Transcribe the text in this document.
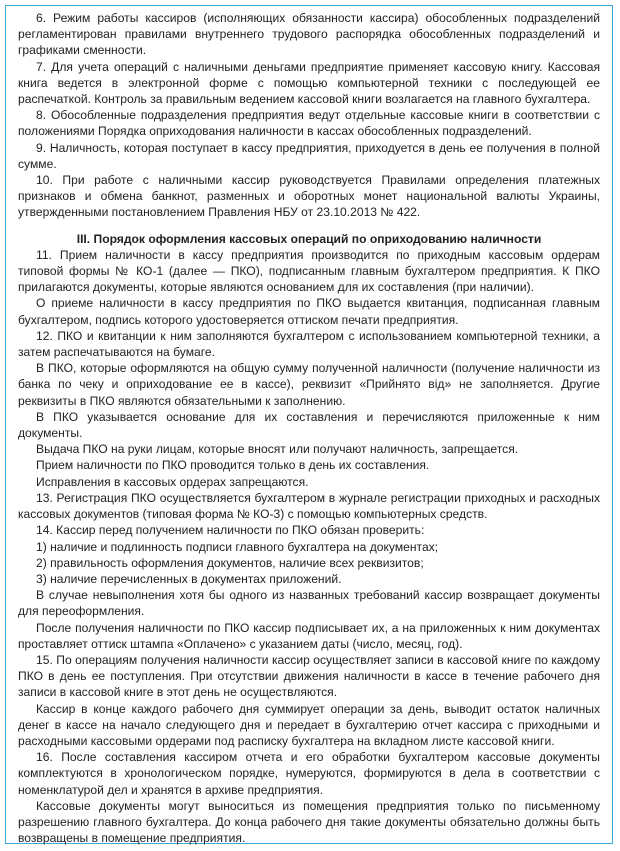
6. Режим работы кассиров (исполняющих обязанности кассира) обособленных подразделений регламентирован правилами внутреннего трудового распорядка обособленных подразделений и графиками сменности.

7. Для учета операций с наличными деньгами предприятие применяет кассовую книгу. Кассовая книга ведется в электронной форме с помощью компьютерной техники с последующей ее распечаткой. Контроль за правильным ведением кассовой книги возлагается на главного бухгалтера.

8. Обособленные подразделения предприятия ведут отдельные кассовые книги в соответствии с положениями Порядка оприходования наличности в кассах обособленных подразделений.

9. Наличность, которая поступает в кассу предприятия, приходуется в день ее получения в полной сумме.

10. При работе с наличными кассир руководствуется Правилами определения платежных признаков и обмена банкнот, разменных и оборотных монет национальной валюты Украины, утвержденными постановлением Правления НБУ от 23.10.2013 № 422.

III. Порядок оформления кассовых операций по оприходованию наличности

11. Прием наличности в кассу предприятия производится по приходным кассовым ордерам типовой формы № КО-1 (далее — ПКО), подписанным главным бухгалтером предприятия. К ПКО прилагаются документы, которые являются основанием для их составления (при наличии).

О приеме наличности в кассу предприятия по ПКО выдается квитанция, подписанная главным бухгалтером, подпись которого удостоверяется оттиском печати предприятия.

12. ПКО и квитанции к ним заполняются бухгалтером с использованием компьютерной техники, а затем распечатываются на бумаге.

В ПКО, которые оформляются на общую сумму полученной наличности (получение наличности из банка по чеку и оприходование ее в кассе), реквизит «Прийнято від» не заполняется. Другие реквизиты в ПКО являются обязательными к заполнению.

В ПКО указывается основание для их составления и перечисляются приложенные к ним документы.

Выдача ПКО на руки лицам, которые вносят или получают наличность, запрещается.

Прием наличности по ПКО проводится только в день их составления.

Исправления в кассовых ордерах запрещаются.

13. Регистрация ПКО осуществляется бухгалтером в журнале регистрации приходных и расходных кассовых документов (типовая форма № КО-3) с помощью компьютерных средств.

14. Кассир перед получением наличности по ПКО обязан проверить:

1) наличие и подлинность подписи главного бухгалтера на документах;

2) правильность оформления документов, наличие всех реквизитов;

3) наличие перечисленных в документах приложений.

В случае невыполнения хотя бы одного из названных требований кассир возвращает документы для переоформления.

После получения наличности по ПКО кассир подписывает их, а на приложенных к ним документах проставляет оттиск штампа «Оплачено» с указанием даты (число, месяц, год).

15. По операциям получения наличности кассир осуществляет записи в кассовой книге по каждому ПКО в день ее поступления. При отсутствии движения наличности в кассе в течение рабочего дня записи в кассовой книге в этот день не осуществляются.

Кассир в конце каждого рабочего дня суммирует операции за день, выводит остаток наличных денег в кассе на начало следующего дня и передает в бухгалтерию отчет кассира с приходными и расходными кассовыми ордерами под расписку бухгалтера на вкладном листе кассовой книги.

16. После составления кассиром отчета и его обработки бухгалтером кассовые документы комплектуются в хронологическом порядке, нумеруются, формируются в дела в соответствии с номенклатурой дел и хранятся в архиве предприятия.

Кассовые документы могут выноситься из помещения предприятия только по письменному разрешению главного бухгалтера. До конца рабочего дня такие документы обязательно должны быть возвращены в помещение предприятия.
